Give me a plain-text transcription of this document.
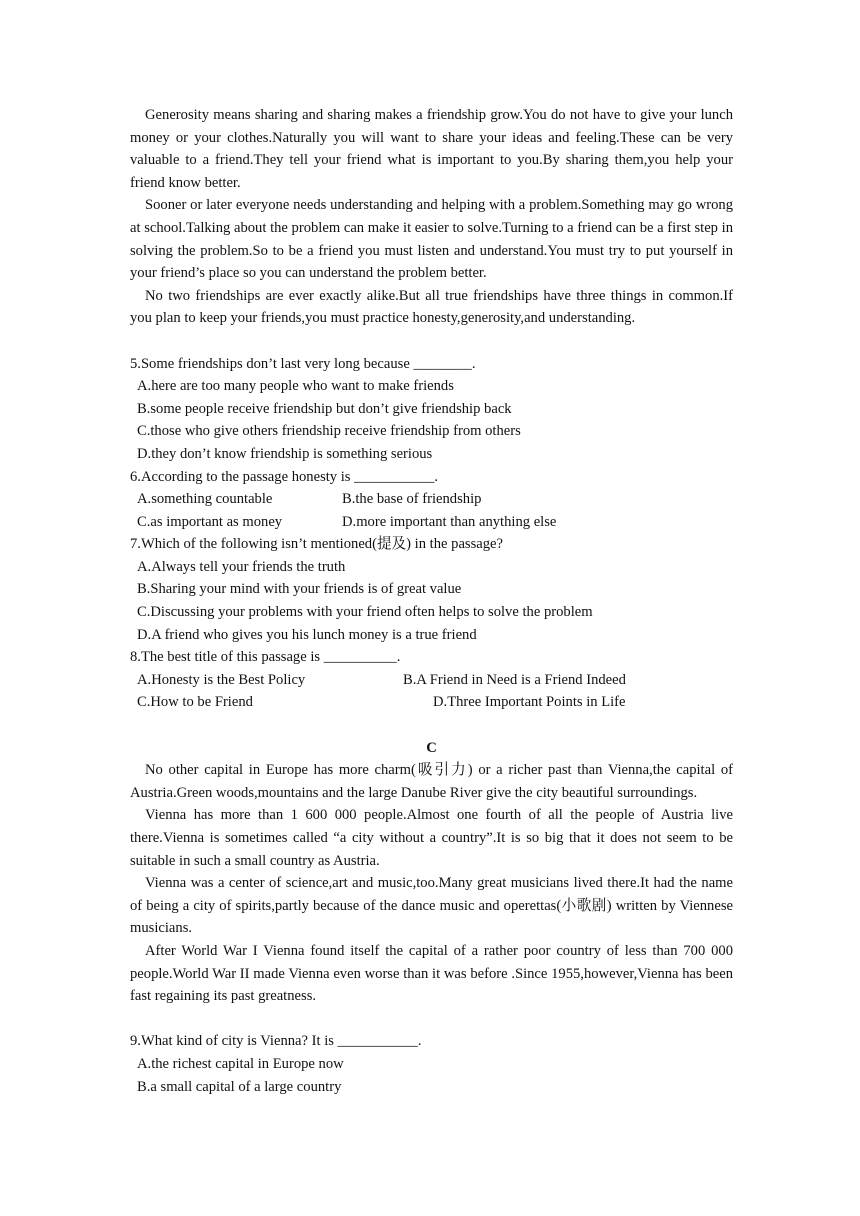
Generosity means sharing and sharing makes a friendship grow.You do not have to give your lunch money or your clothes.Naturally you will want to share your ideas and feeling.These can be very valuable to a friend.They tell your friend what is important to you.By sharing them,you help your friend know better.

Sooner or later everyone needs understanding and helping with a problem.Something may go wrong at school.Talking about the problem can make it easier to solve.Turning to a friend can be a first step in solving the problem.So to be a friend you must listen and understand.You must try to put yourself in your friend’s place so you can understand the problem better.

No two friendships are ever exactly alike.But all true friendships have three things in common.If you plan to keep your friends,you must practice honesty,generosity,and understanding.

5.Some friendships don’t last very long because ________.

A.here are too many people who want to make friends

B.some people receive friendship but don’t give friendship back

C.those who give others friendship receive friendship from others

D.they don’t know friendship is something serious

6.According to the passage honesty is ___________.

A.something countable	B.the base of friendship
C.as important as money	D.more important than anything else

7.Which of the following isn’t mentioned(提及) in the passage?

A.Always tell your friends the truth

B.Sharing your mind with your friends is of great value

C.Discussing your problems with your friend often helps to solve the problem

D.A friend who gives you his lunch money is a true friend

8.The best title of this passage is __________.

A.Honesty is the Best Policy	B.A Friend in Need is a Friend Indeed
C.How to be Friend	D.Three Important Points in Life

C

No other capital in Europe has more charm(吸引力) or a richer past than Vienna,the capital of Austria.Green woods,mountains and the large Danube River give the city beautiful surroundings.

Vienna has more than 1 600 000 people.Almost one fourth of all the people of Austria live there.Vienna is sometimes called “a city without a country”.It is so big that it does not seem to be suitable in such a small country as Austria.

Vienna was a center of science,art and music,too.Many great musicians lived there.It had the name of being a city of spirits,partly because of the dance music and operettas(小歌剧) written by Viennese musicians.

After World War I Vienna found itself the capital of a rather poor country of less than 700 000 people.World War II made Vienna even worse than it was before .Since 1955,however,Vienna has been fast regaining its past greatness.

9.What kind of city is Vienna? It is ___________.

A.the richest capital in Europe now

B.a small capital of a large country
